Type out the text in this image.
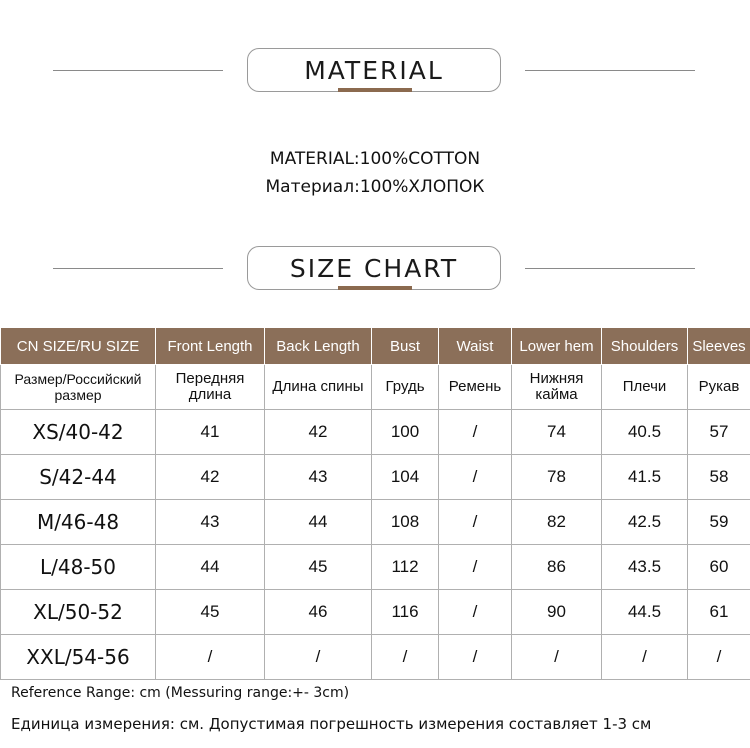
MATERIAL
MATERIAL:100%COTTON
Материал:100%ХЛОПОК
SIZE CHART
CN SIZE/RU SIZE	Front Length	Back Length	Bust	Waist	Lower hem	Shoulders	Sleeves
Размер/Российский размер	Передняя длина	Длина спины	Грудь	Ремень	Нижняя кайма	Плечи	Рукав
XS/40-42	41	42	100	/	74	40.5	57
S/42-44	42	43	104	/	78	41.5	58
M/46-48	43	44	108	/	82	42.5	59
L/48-50	44	45	112	/	86	43.5	60
XL/50-52	45	46	116	/	90	44.5	61
XXL/54-56	/	/	/	/	/	/	/
Reference Range: cm (Messuring range:+- 3cm)
Единица измерения: см. Допустимая погрешность измерения составляет 1-3 см
